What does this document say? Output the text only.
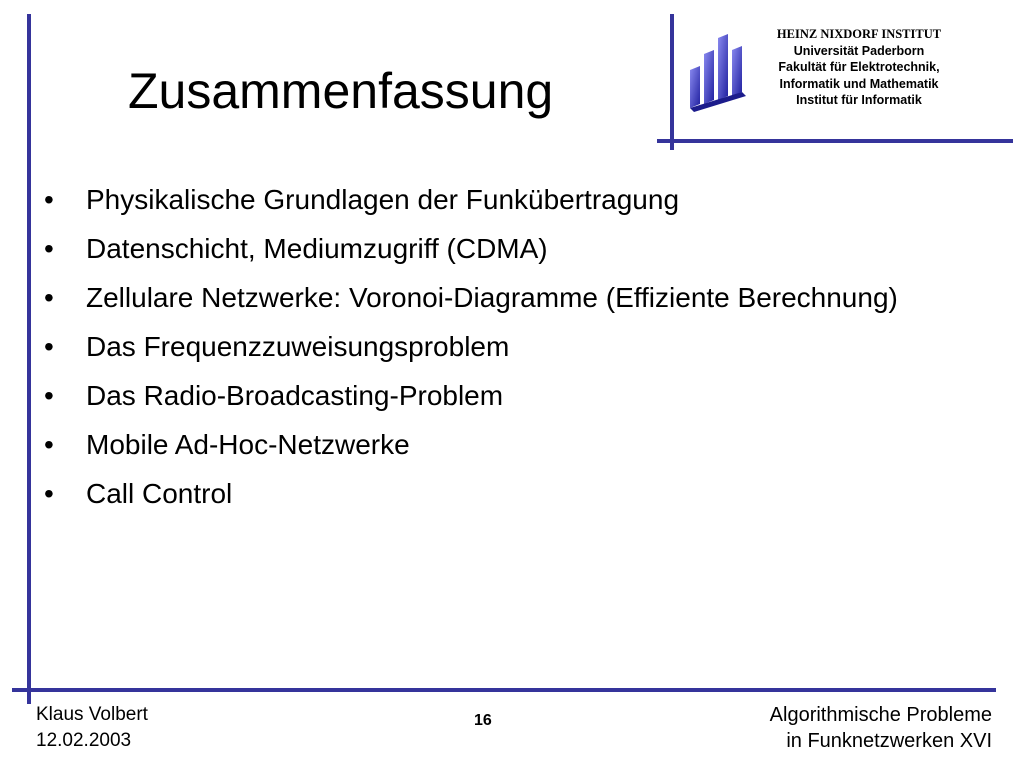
Zusammenfassung
HEINZ NIXDORF INSTITUT
Universität Paderborn
Fakultät für Elektrotechnik,
Informatik und Mathematik
Institut für Informatik
• Physikalische Grundlagen der Funkübertragung
• Datenschicht, Mediumzugriff (CDMA)
• Zellulare Netzwerke: Voronoi-Diagramme (Effiziente Berechnung)
• Das Frequenzzuweisungsproblem
• Das Radio-Broadcasting-Problem
• Mobile Ad-Hoc-Netzwerke
• Call Control
Klaus Volbert
12.02.2003
16	Algorithmische Probleme
in Funknetzwerken XVI
